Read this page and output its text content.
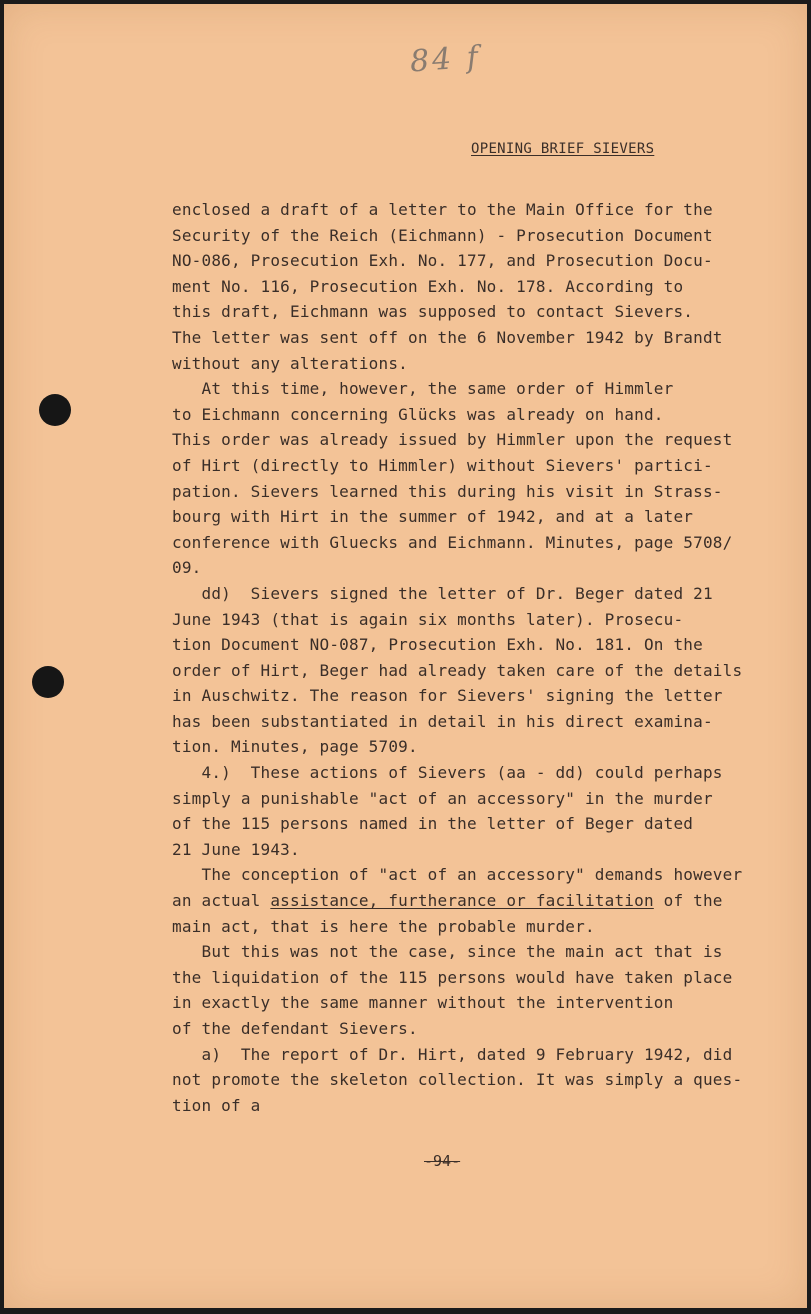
84 f
OPENING BRIEF SIEVERS
enclosed a draft of a letter to the Main Office for the
Security of the Reich (Eichmann) - Prosecution Document
NO-086, Prosecution Exh. No. 177, and Prosecution Docu-
ment No. 116, Prosecution Exh. No. 178. According to
this draft, Eichmann was supposed to contact Sievers.
The letter was sent off on the 6 November 1942 by Brandt
without any alterations.
At this time, however, the same order of Himmler
to Eichmann concerning Glücks was already on hand.
This order was already issued by Himmler upon the request
of Hirt (directly to Himmler) without Sievers' partici-
pation. Sievers learned this during his visit in Strass-
bourg with Hirt in the summer of 1942, and at a later
conference with Gluecks and Eichmann. Minutes, page 5708/
09.
dd)  Sievers signed the letter of Dr. Beger dated 21
June 1943 (that is again six months later). Prosecu-
tion Document NO-087, Prosecution Exh. No. 181. On the
order of Hirt, Beger had already taken care of the details
in Auschwitz. The reason for Sievers' signing the letter
has been substantiated in detail in his direct examina-
tion. Minutes, page 5709.
4.)  These actions of Sievers (aa - dd) could perhaps
simply a punishable "act of an accessory" in the murder
of the 115 persons named in the letter of Beger dated
21 June 1943.
The conception of "act of an accessory" demands however
an actual assistance, furtherance or facilitation of the
main act, that is here the probable murder.
But this was not the case, since the main act that is
the liquidation of the 115 persons would have taken place
in exactly the same manner without the intervention
of the defendant Sievers.
a)  The report of Dr. Hirt, dated 9 February 1942, did
not promote the skeleton collection. It was simply a ques-
tion of a
-94-
